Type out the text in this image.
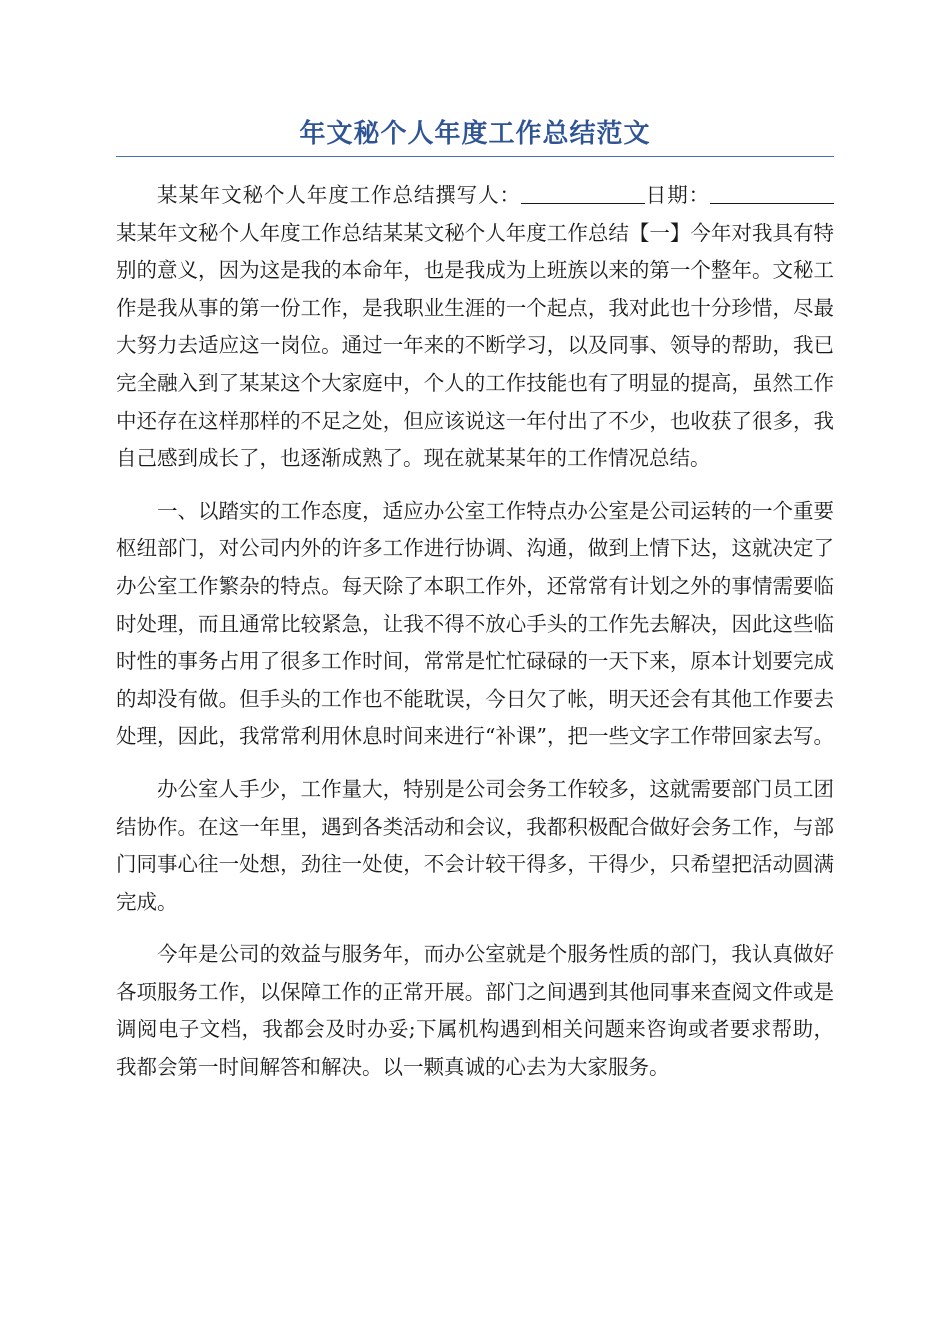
年文秘个人年度工作总结范文

某某年文秘个人年度工作总结撰写人：	日期：某某年文秘个人年度工作总结某某文秘个人年度工作总结【一】今年对我具有特别的意义，因为这是我的本命年，也是我成为上班族以来的第一个整年。文秘工作是我从事的第一份工作，是我职业生涯的一个起点，我对此也十分珍惜，尽最大努力去适应这一岗位。通过一年来的不断学习，以及同事、领导的帮助，我已完全融入到了某某这个大家庭中，个人的工作技能也有了明显的提高，虽然工作中还存在这样那样的不足之处，但应该说这一年付出了不少，也收获了很多，我自己感到成长了，也逐渐成熟了。现在就某某年的工作情况总结。

一、以踏实的工作态度，适应办公室工作特点办公室是公司运转的一个重要枢纽部门，对公司内外的许多工作进行协调、沟通，做到上情下达，这就决定了办公室工作繁杂的特点。每天除了本职工作外，还常常有计划之外的事情需要临时处理，而且通常比较紧急，让我不得不放心手头的工作先去解决，因此这些临时性的事务占用了很多工作时间，常常是忙忙碌碌的一天下来，原本计划要完成的却没有做。但手头的工作也不能耽误，今日欠了帐，明天还会有其他工作要去处理，因此，我常常利用休息时间来进行“补课”，把一些文字工作带回家去写。

办公室人手少，工作量大，特别是公司会务工作较多，这就需要部门员工团结协作。在这一年里，遇到各类活动和会议，我都积极配合做好会务工作，与部门同事心往一处想，劲往一处使，不会计较干得多，干得少，只希望把活动圆满完成。

今年是公司的效益与服务年，而办公室就是个服务性质的部门，我认真做好各项服务工作，以保障工作的正常开展。部门之间遇到其他同事来查阅文件或是调阅电子文档，我都会及时办妥;下属机构遇到相关问题来咨询或者要求帮助，我都会第一时间解答和解决。以一颗真诚的心去为大家服务。
